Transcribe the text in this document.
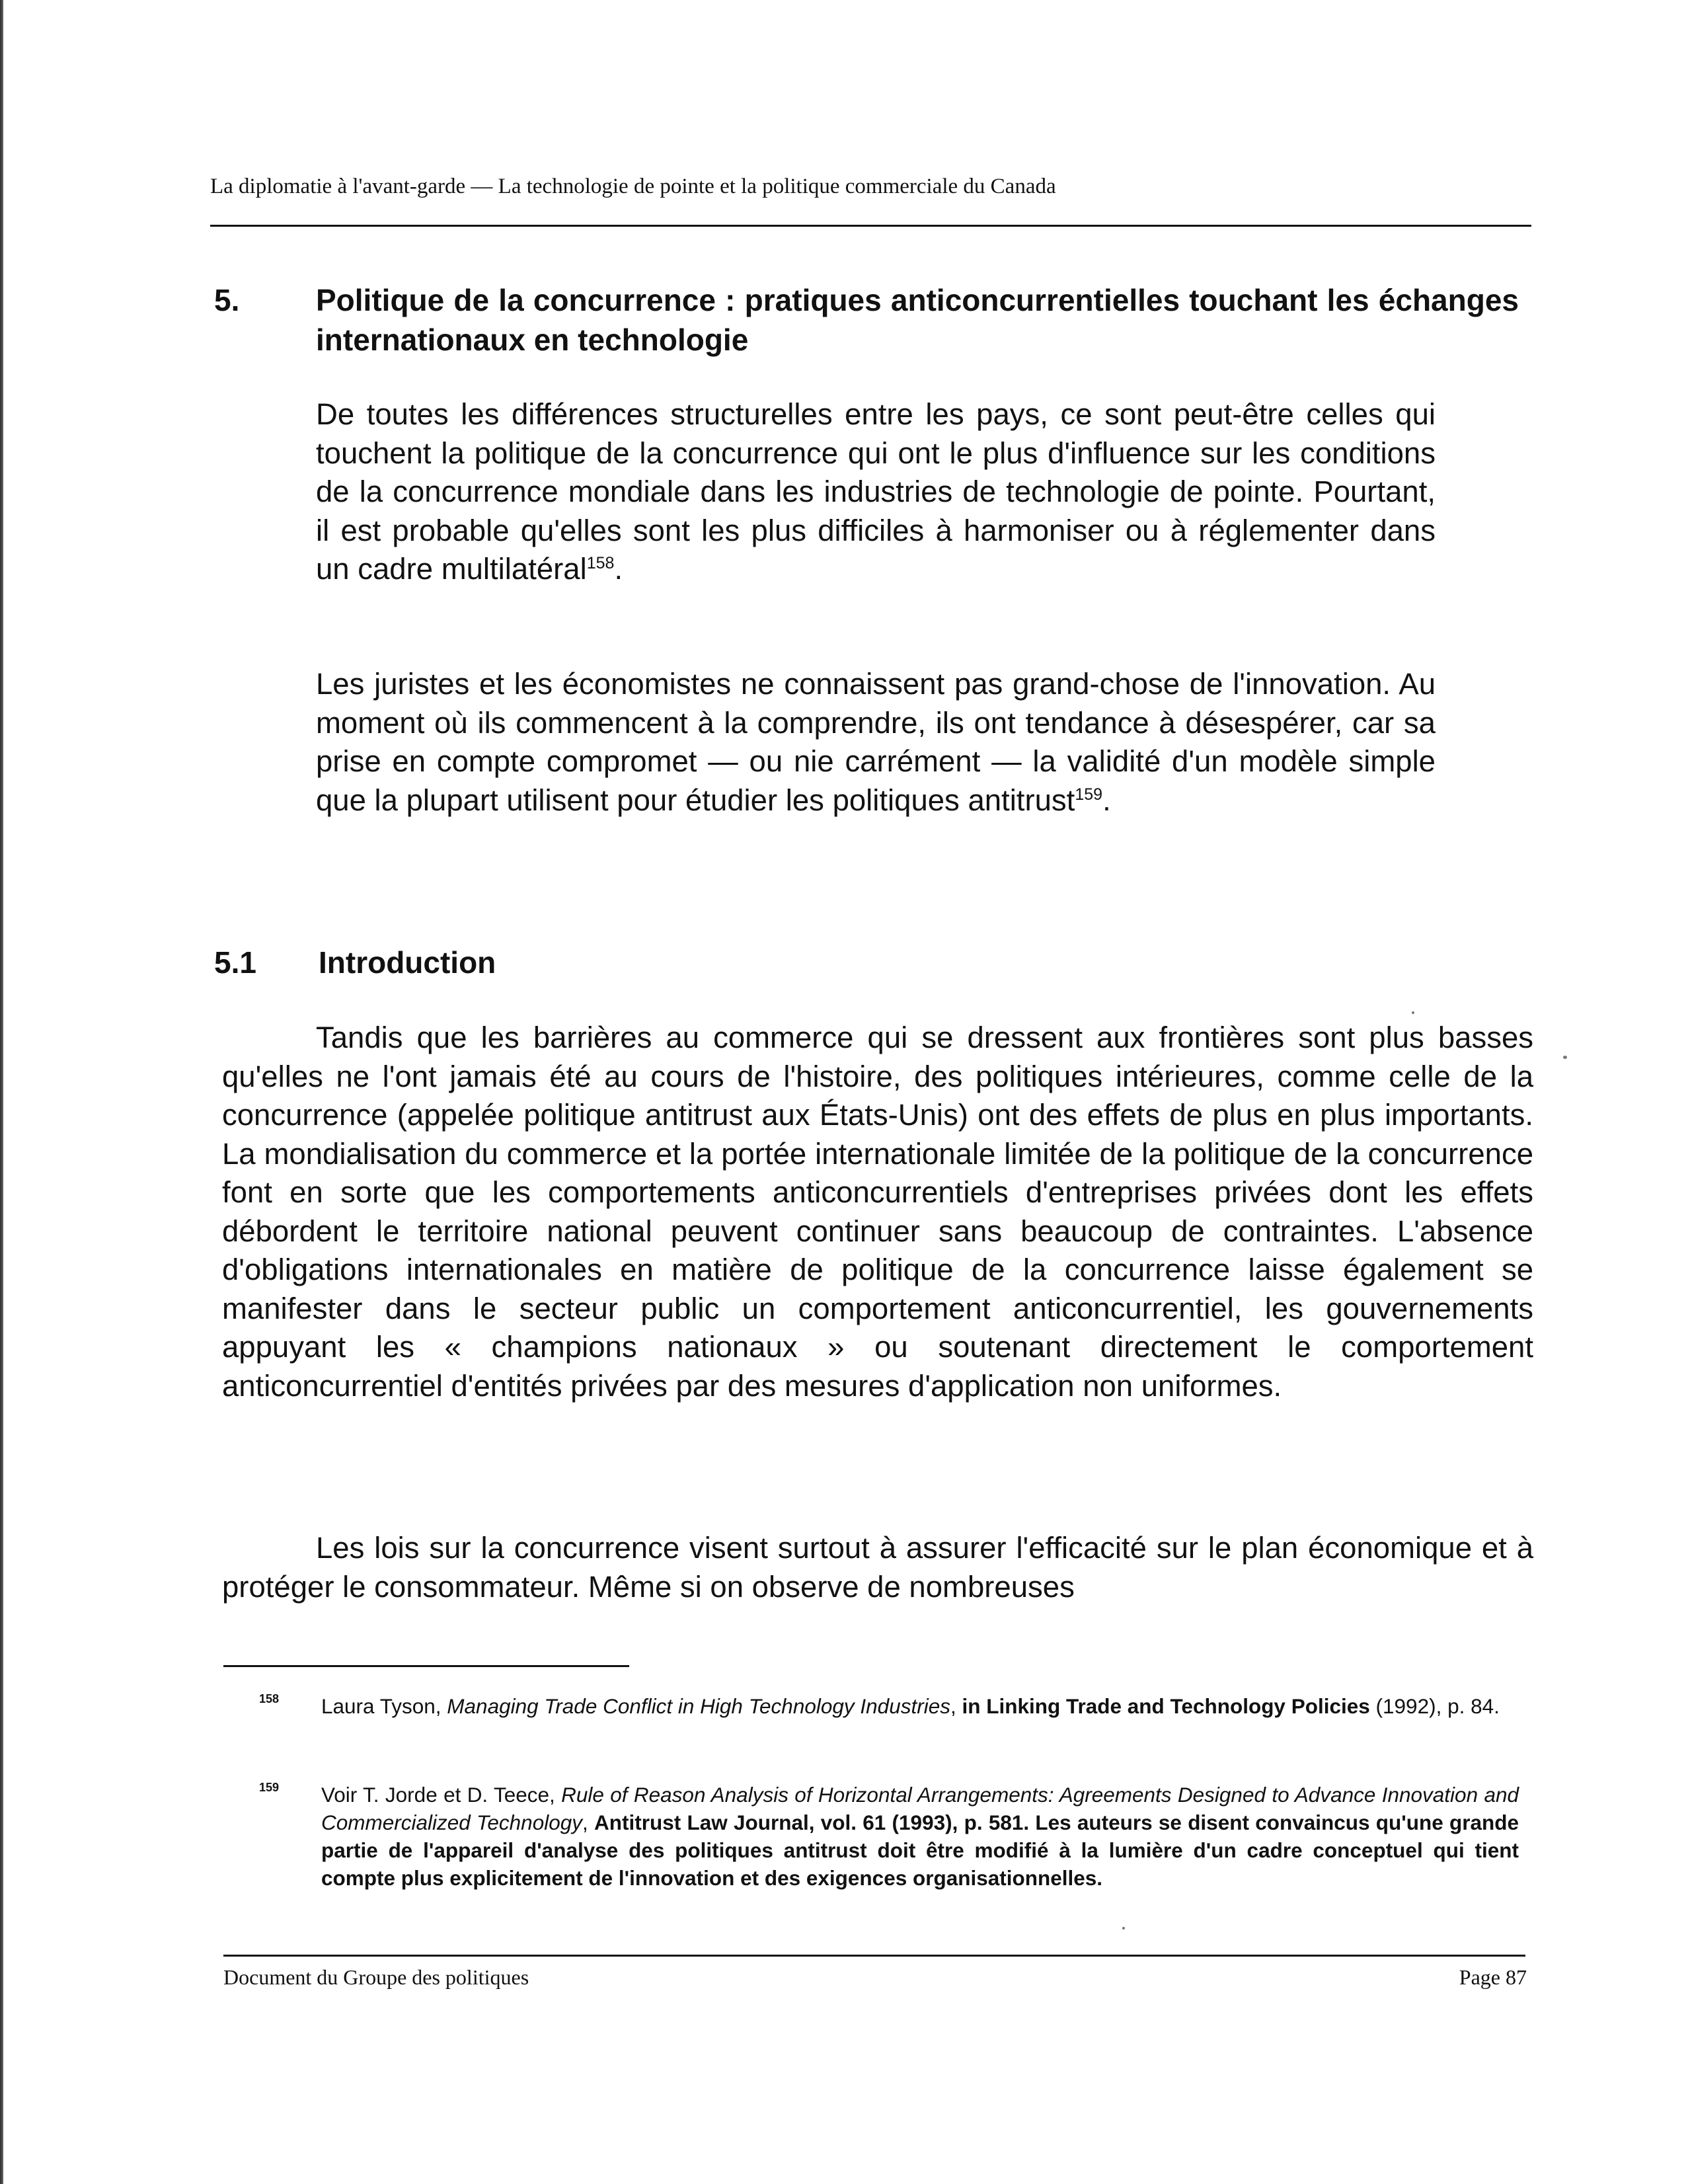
La diplomatie à l'avant-garde — La technologie de pointe et la politique commerciale du Canada
5.	Politique de la concurrence : pratiques anticoncurrentielles touchant les échanges internationaux en technologie

De toutes les différences structurelles entre les pays, ce sont peut-être celles qui touchent la politique de la concurrence qui ont le plus d'influence sur les conditions de la concurrence mondiale dans les industries de technologie de pointe. Pourtant, il est probable qu'elles sont les plus difficiles à harmoniser ou à réglementer dans un cadre multilatéral$^{158}$.

Les juristes et les économistes ne connaissent pas grand-chose de l'innovation. Au moment où ils commencent à la comprendre, ils ont tendance à désespérer, car sa prise en compte compromet — ou nie carrément — la validité d'un modèle simple que la plupart utilisent pour étudier les politiques antitrust$^{159}$.

5.1 Introduction

Tandis que les barrières au commerce qui se dressent aux frontières sont plus basses qu'elles ne l'ont jamais été au cours de l'histoire, des politiques intérieures, comme celle de la concurrence (appelée politique antitrust aux États-Unis) ont des effets de plus en plus importants. La mondialisation du commerce et la portée internationale limitée de la politique de la concurrence font en sorte que les comportements anticoncurrentiels d'entreprises privées dont les effets débordent le territoire national peuvent continuer sans beaucoup de contraintes. L'absence d'obligations internationales en matière de politique de la concurrence laisse également se manifester dans le secteur public un comportement anticoncurrentiel, les gouvernements appuyant les « champions nationaux » ou soutenant directement le comportement anticoncurrentiel d'entités privées par des mesures d'application non uniformes.

Les lois sur la concurrence visent surtout à assurer l'efficacité sur le plan économique et à protéger le consommateur. Même si on observe de nombreuses

158 Laura Tyson, Managing Trade Conflict in High Technology Industries, in Linking Trade and Technology Policies (1992), p. 84.
159 Voir T. Jorde et D. Teece, Rule of Reason Analysis of Horizontal Arrangements: Agreements Designed to Advance Innovation and Commercialized Technology, Antitrust Law Journal, vol. 61 (1993), p. 581. Les auteurs se disent convaincus qu'une grande partie de l'appareil d'analyse des politiques antitrust doit être modifié à la lumière d'un cadre conceptuel qui tient compte plus explicitement de l'innovation et des exigences organisationnelles.
Document du Groupe des politiques	Page 87
